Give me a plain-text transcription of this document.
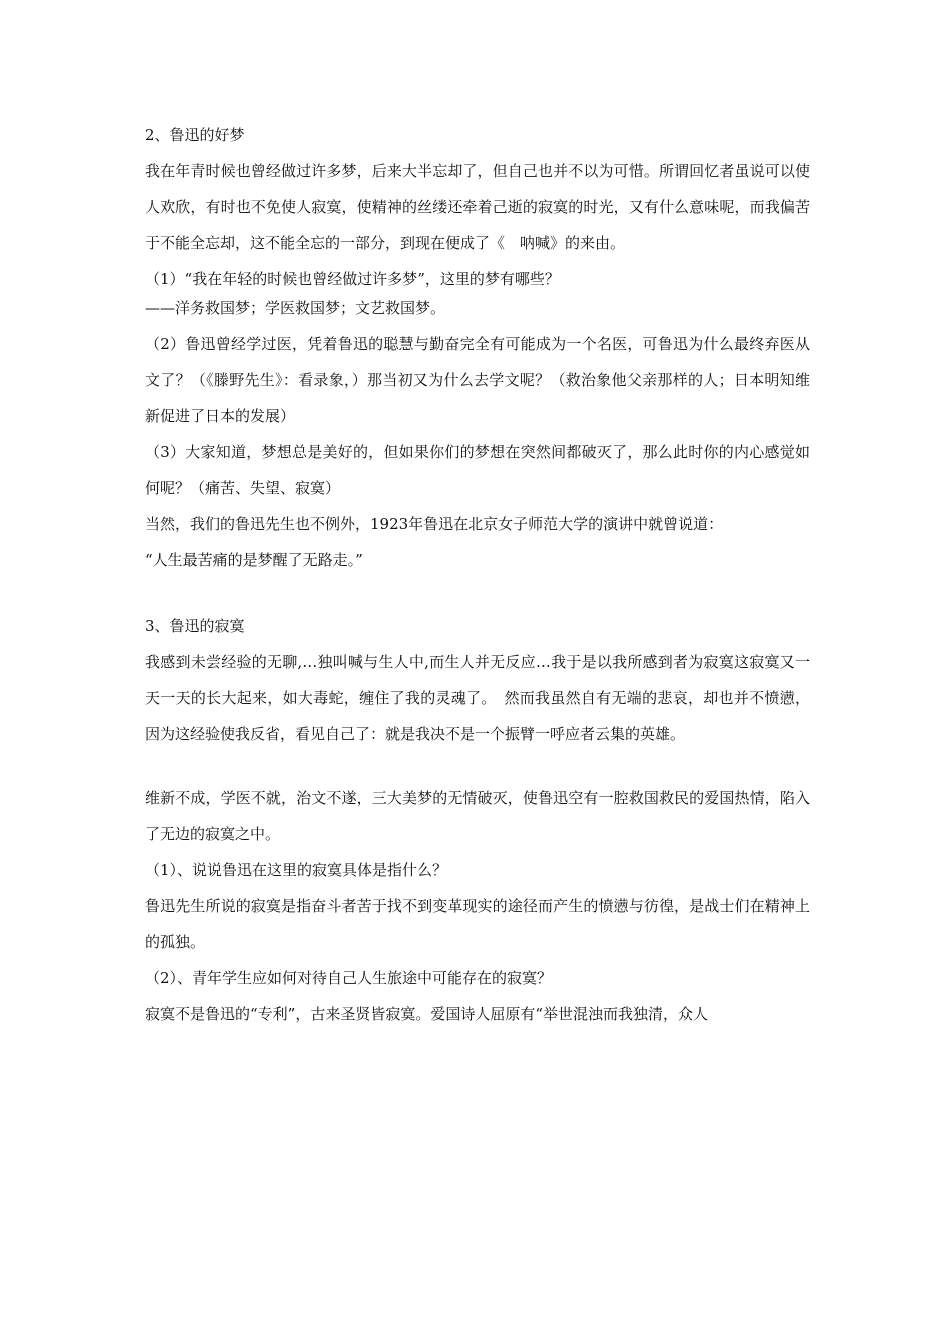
2、鲁迅的好梦

我在年青时候也曾经做过许多梦，后来大半忘却了，但自己也并不以为可惜。所谓回忆者虽说可以使人欢欣，有时也不免使人寂寞，使精神的丝缕还牵着己逝的寂寞的时光，又有什么意味呢，而我偏苦于不能全忘却，这不能全忘的一部分，到现在便成了《　呐喊》的来由。

（1）“我在年轻的时候也曾经做过许多梦”，这里的梦有哪些？

——洋务救国梦；学医救国梦；文艺救国梦。

（2）鲁迅曾经学过医，凭着鲁迅的聪慧与勤奋完全有可能成为一个名医，可鲁迅为什么最终弃医从文了？（《滕野先生》：看录象，）那当初又为什么去学文呢？（救治象他父亲那样的人；日本明知维新促进了日本的发展）

（3）大家知道，梦想总是美好的，但如果你们的梦想在突然间都破灭了，那么此时你的内心感觉如何呢？（痛苦、失望、寂寞）

当然，我们的鲁迅先生也不例外，1923年鲁迅在北京女子师范大学的演讲中就曾说道：

“人生最苦痛的是梦醒了无路走。”

3、鲁迅的寂寞

我感到未尝经验的无聊,…独叫喊与生人中,而生人并无反应…我于是以我所感到者为寂寞这寂寞又一天一天的长大起来，如大毒蛇，缠住了我的灵魂了。　然而我虽然自有无端的悲哀，却也并不愤懑，因为这经验使我反省，看见自己了：就是我决不是一个振臂一呼应者云集的英雄。

维新不成，学医不就，治文不遂，三大美梦的无情破灭，使鲁迅空有一腔救国救民的爱国热情，陷入了无边的寂寞之中。

（1）、说说鲁迅在这里的寂寞具体是指什么？

鲁迅先生所说的寂寞是指奋斗者苦于找不到变革现实的途径而产生的愤懑与彷徨，是战士们在精神上的孤独。

（2）、青年学生应如何对待自己人生旅途中可能存在的寂寞？

寂寞不是鲁迅的“专利”，古来圣贤皆寂寞。爱国诗人屈原有“举世混浊而我独清，众人
